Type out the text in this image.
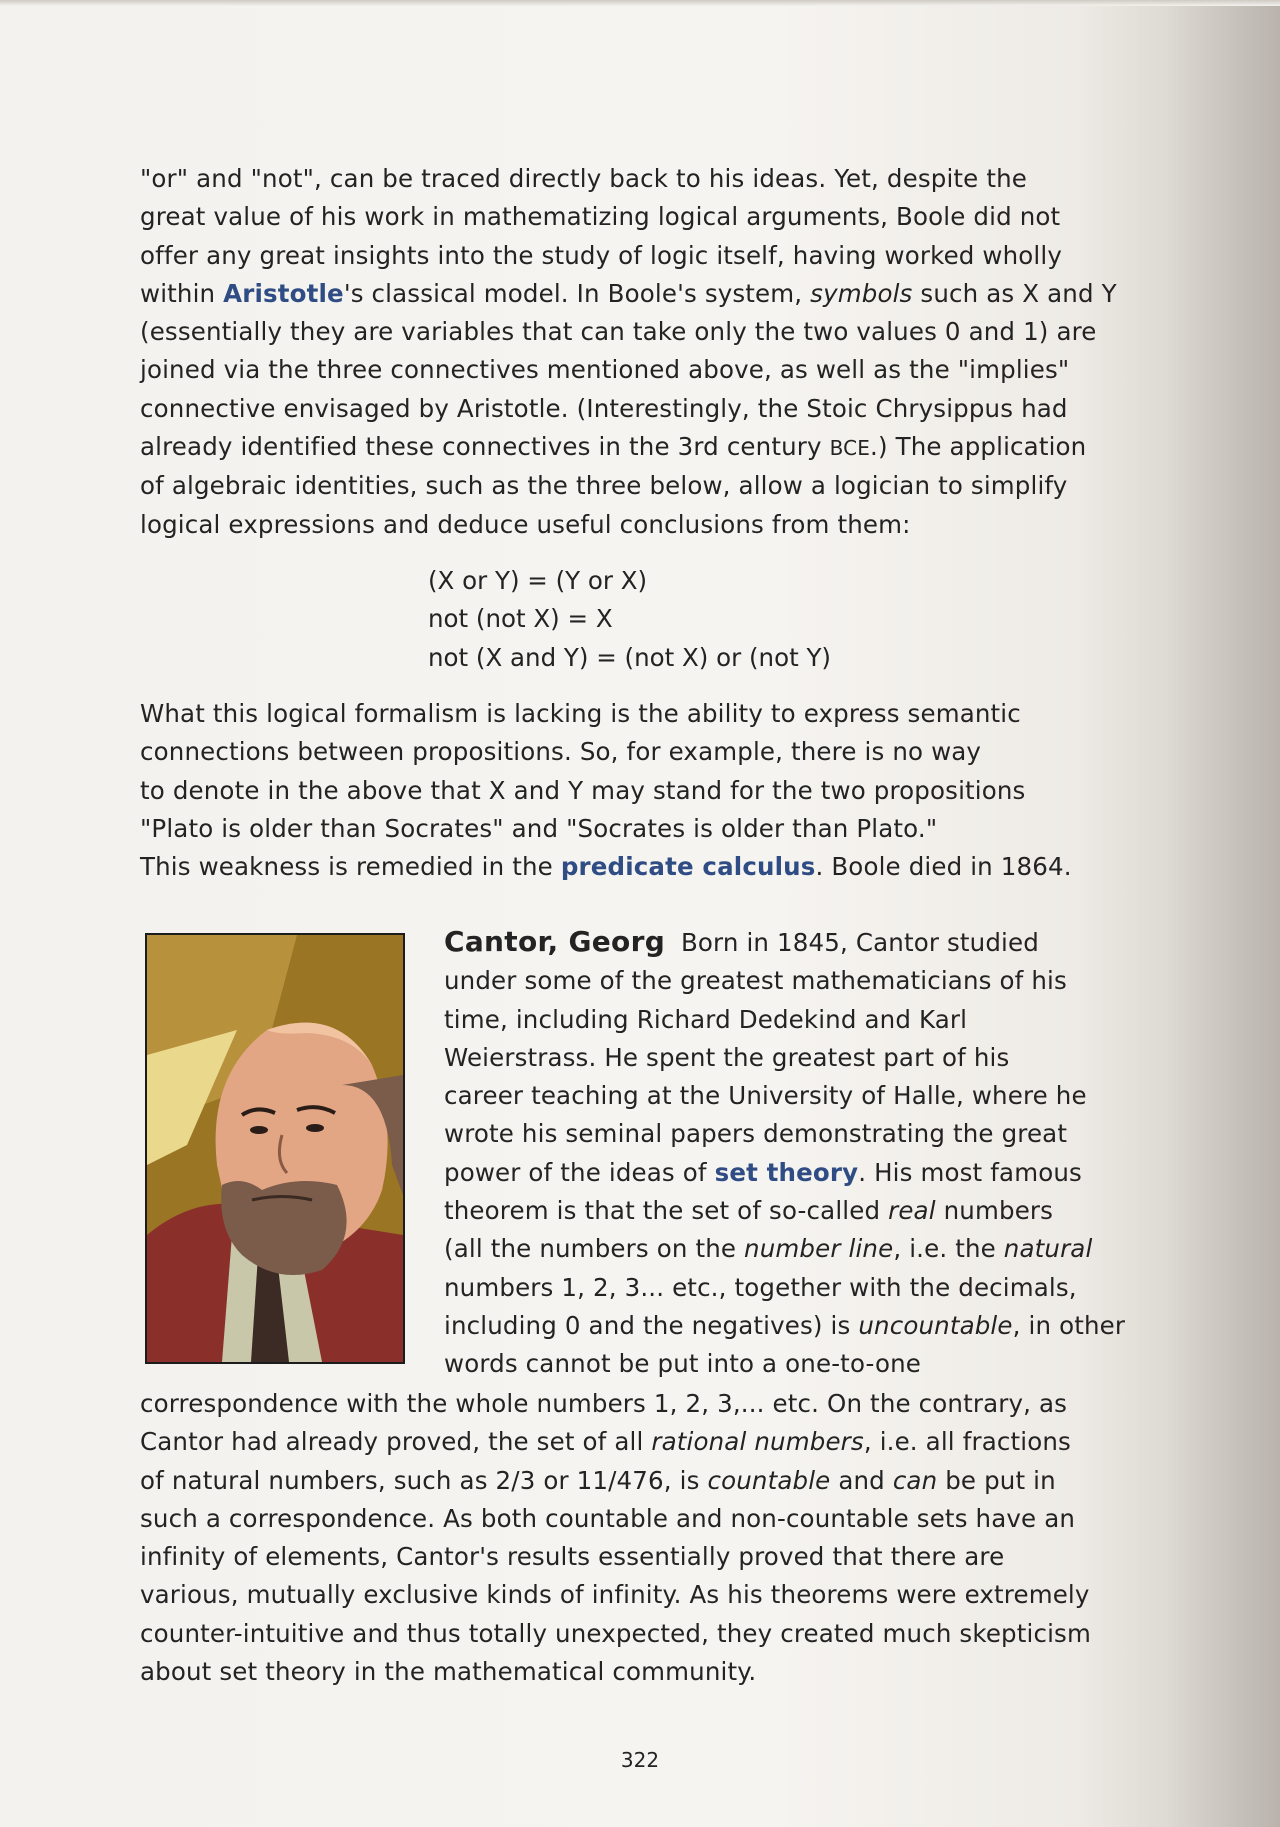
"or" and "not", can be traced directly back to his ideas. Yet, despite the
great value of his work in mathematizing logical arguments, Boole did not
offer any great insights into the study of logic itself, having worked wholly
within Aristotle's classical model. In Boole's system, symbols such as X and Y
(essentially they are variables that can take only the two values 0 and 1) are
joined via the three connectives mentioned above, as well as the "implies"
connective envisaged by Aristotle. (Interestingly, the Stoic Chrysippus had
already identified these connectives in the 3rd century BCE.) The application
of algebraic identities, such as the three below, allow a logician to simplify
logical expressions and deduce useful conclusions from them:
(X or Y) = (Y or X)
not (not X) = X
not (X and Y) = (not X) or (not Y)
What this logical formalism is lacking is the ability to express semantic
connections between propositions. So, for example, there is no way
to denote in the above that X and Y may stand for the two propositions
"Plato is older than Socrates" and "Socrates is older than Plato."
This weakness is remedied in the predicate calculus. Boole died in 1864.
Cantor, Georg Born in 1845, Cantor studied
under some of the greatest mathematicians of his
time, including Richard Dedekind and Karl
Weierstrass. He spent the greatest part of his
career teaching at the University of Halle, where he
wrote his seminal papers demonstrating the great
power of the ideas of set theory. His most famous
theorem is that the set of so-called real numbers
(all the numbers on the number line, i.e. the natural
numbers 1, 2, 3... etc., together with the decimals,
including 0 and the negatives) is uncountable, in other
words cannot be put into a one-to-one
correspondence with the whole numbers 1, 2, 3,... etc. On the contrary, as
Cantor had already proved, the set of all rational numbers, i.e. all fractions
of natural numbers, such as 2/3 or 11/476, is countable and can be put in
such a correspondence. As both countable and non-countable sets have an
infinity of elements, Cantor's results essentially proved that there are
various, mutually exclusive kinds of infinity. As his theorems were extremely
counter-intuitive and thus totally unexpected, they created much skepticism
about set theory in the mathematical community.
322
